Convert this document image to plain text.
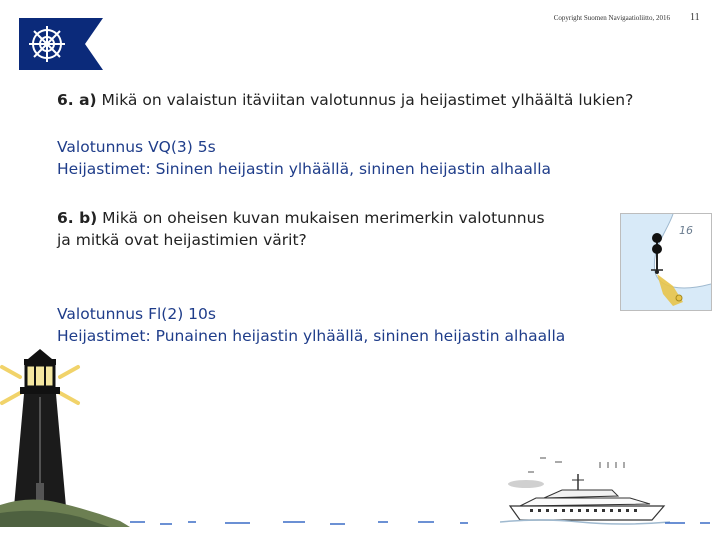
Copyright Suomen Navigaatioliitto, 2016 11
6. a) Mikä on valaistun itäviitan valotunnus ja heijastimet ylhäältä lukien?
Valotunnus VQ(3) 5s
Heijastimet: Sininen heijastin ylhäällä, sininen heijastin alhaalla
6. b) Mikä on oheisen kuvan mukaisen merimerkin valotunnus
ja mitkä ovat heijastimien värit?
Valotunnus Fl(2) 10s
Heijastimet: Punainen heijastin ylhäällä, sininen heijastin alhaalla
16
